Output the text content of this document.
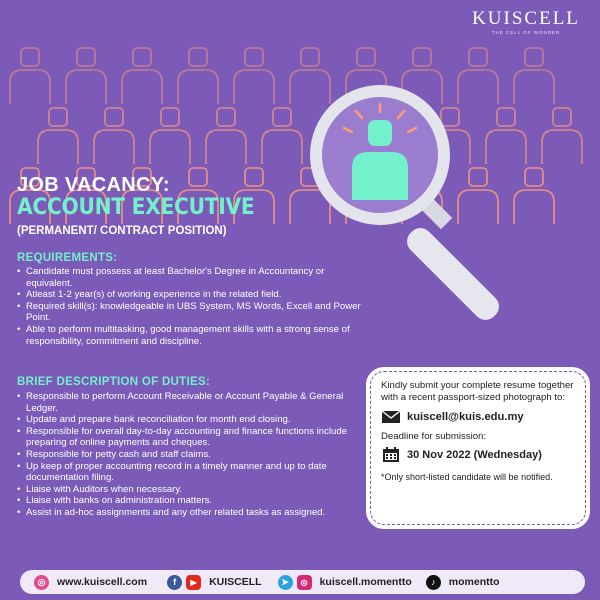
KUISCELL
THE CELL OF WONDER
JOB VACANCY:
ACCOUNT EXECUTIVE
(PERMANENT/ CONTRACT POSITION)
REQUIREMENTS:
• Candidate must possess at least Bachelor's Degree in Accountancy or equivalent.
• Atleast 1-2 year(s) of working experience in the related field.
• Required skill(s): knowledgeable in UBS System, MS Words, Excell and Power Point.
• Able to perform multitasking, good management skills with a strong sense of responsibility, commitment and discipline.
BRIEF DESCRIPTION OF DUTIES:
• Responsible to perform Account Receivable or Account Payable & General Ledger.
• Update and prepare bank reconciliation for month end closing.
• Responsible for overall day-to-day accounting and finance functions include preparing of online payments and cheques.
• Responsible for petty cash and staff claims.
• Up keep of proper accounting record in a timely manner and up to date documentation filing.
• Liaise with Auditors when necessary.
• Liaise with banks on administration matters.
• Assist in ad-hoc assignments and any other related tasks as assigned.
Kindly submit your complete resume together with a recent passport-sized photograph to:
kuiscell@kuis.edu.my
Deadline for submission:
30 Nov 2022 (Wednesday)
*Only short-listed candidate will be notified.
◎	www.kuiscell.com	f	▶	KUISCELL	➤	◎	kuiscell.momentto	♪	momentto
